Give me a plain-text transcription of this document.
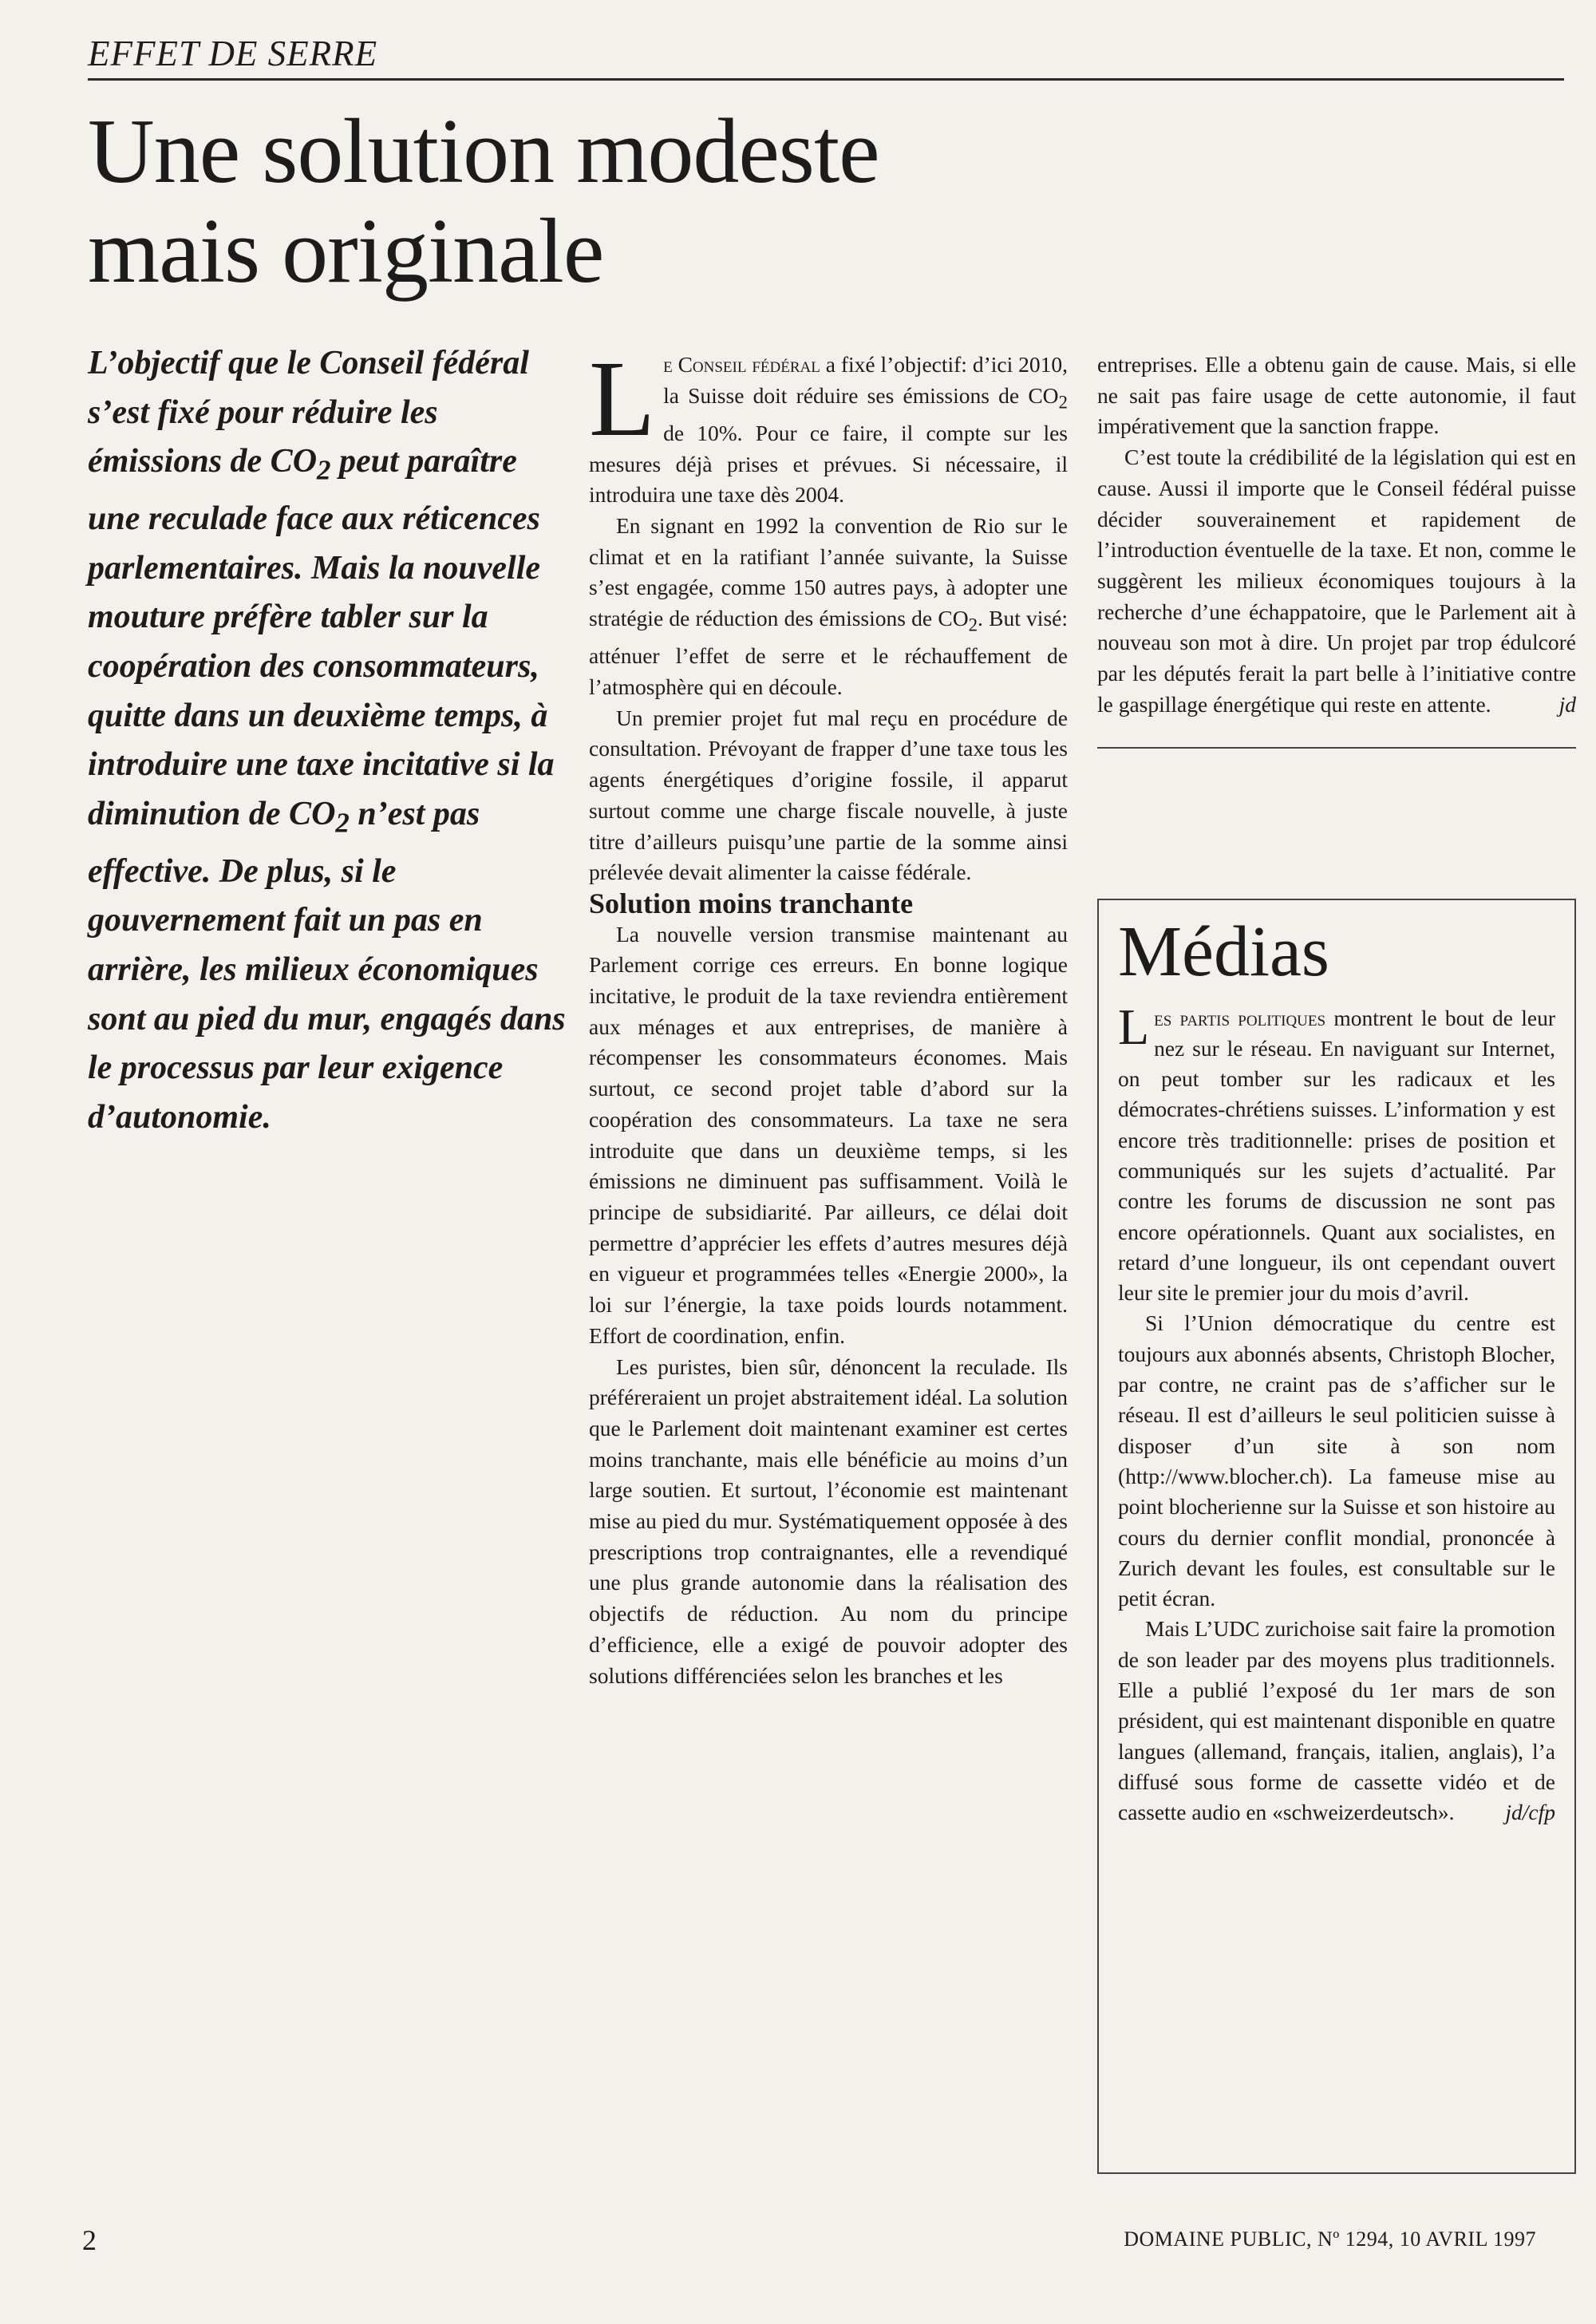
EFFET DE SERRE
Une solution modeste
mais originale

L’objectif que le Conseil fédéral s’est fixé pour réduire les émissions de $CO_2$ peut paraître une reculade face aux réticences parlementaires. Mais la nouvelle mouture préfère tabler sur la coopération des consommateurs, quitte dans un deuxième temps, à introduire une taxe incitative si la diminution de $CO_2$ n’est pas effective. De plus, si le gouvernement fait un pas en arrière, les milieux économiques sont au pied du mur, engagés dans le processus par leur exigence d’autonomie.

Le Conseil fédéral a fixé l’objectif: d’ici 2010, la Suisse doit réduire ses émissions de $CO_2$ de 10%. Pour ce faire, il compte sur les mesures déjà prises et prévues. Si nécessaire, il introduira une taxe dès 2004.

En signant en 1992 la convention de Rio sur le climat et en la ratifiant l’année suivante, la Suisse s’est engagée, comme 150 autres pays, à adopter une stratégie de réduction des émissions de $CO_2$. But visé: atténuer l’effet de serre et le réchauffement de l’atmosphère qui en découle.

Un premier projet fut mal reçu en procédure de consultation. Prévoyant de frapper d’une taxe tous les agents énergétiques d’origine fossile, il apparut surtout comme une charge fiscale nouvelle, à juste titre d’ailleurs puisqu’une partie de la somme ainsi prélevée devait alimenter la caisse fédérale.

Solution moins tranchante

La nouvelle version transmise maintenant au Parlement corrige ces erreurs. En bonne logique incitative, le produit de la taxe reviendra entièrement aux ménages et aux entreprises, de manière à récompenser les consommateurs économes. Mais surtout, ce second projet table d’abord sur la coopération des consommateurs. La taxe ne sera introduite que dans un deuxième temps, si les émissions ne diminuent pas suffisamment. Voilà le principe de subsidiarité. Par ailleurs, ce délai doit permettre d’apprécier les effets d’autres mesures déjà en vigueur et programmées telles «Energie 2000», la loi sur l’énergie, la taxe poids lourds notamment. Effort de coordination, enfin.

Les puristes, bien sûr, dénoncent la reculade. Ils préféreraient un projet abstraitement idéal. La solution que le Parlement doit maintenant examiner est certes moins tranchante, mais elle bénéficie au moins d’un large soutien. Et surtout, l’économie est maintenant mise au pied du mur. Systématiquement opposée à des prescriptions trop contraignantes, elle a revendiqué une plus grande autonomie dans la réalisation des objectifs de réduction. Au nom du principe d’efficience, elle a exigé de pouvoir adopter des solutions différenciées selon les branches et les

entreprises. Elle a obtenu gain de cause. Mais, si elle ne sait pas faire usage de cette autonomie, il faut impérativement que la sanction frappe.

C’est toute la crédibilité de la législation qui est en cause. Aussi il importe que le Conseil fédéral puisse décider souverainement et rapidement de l’introduction éventuelle de la taxe. Et non, comme le suggèrent les milieux économiques toujours à la recherche d’une échappatoire, que le Parlement ait à nouveau son mot à dire. Un projet par trop édulcoré par les députés ferait la part belle à l’initiative contre le gaspillage énergétique qui reste en attente.	jd

Médias

Les partis politiques montrent le bout de leur nez sur le réseau. En naviguant sur Internet, on peut tomber sur les radicaux et les démocrates-chrétiens suisses. L’information y est encore très traditionnelle: prises de position et communiqués sur les sujets d’actualité. Par contre les forums de discussion ne sont pas encore opérationnels. Quant aux socialistes, en retard d’une longueur, ils ont cependant ouvert leur site le premier jour du mois d’avril.

Si l’Union démocratique du centre est toujours aux abonnés absents, Christoph Blocher, par contre, ne craint pas de s’afficher sur le réseau. Il est d’ailleurs le seul politicien suisse à disposer d’un site à son nom (http://www.blocher.ch). La fameuse mise au point blocherienne sur la Suisse et son histoire au cours du dernier conflit mondial, prononcée à Zurich devant les foules, est consultable sur le petit écran.

Mais L’UDC zurichoise sait faire la promotion de son leader par des moyens plus traditionnels. Elle a publié l’exposé du 1er mars de son président, qui est maintenant disponible en quatre langues (allemand, français, italien, anglais), l’a diffusé sous forme de cassette vidéo et de cassette audio en «schweizerdeutsch».	jd/cfp

2	DOMAINE PUBLIC, Nº 1294, 10 AVRIL 1997
